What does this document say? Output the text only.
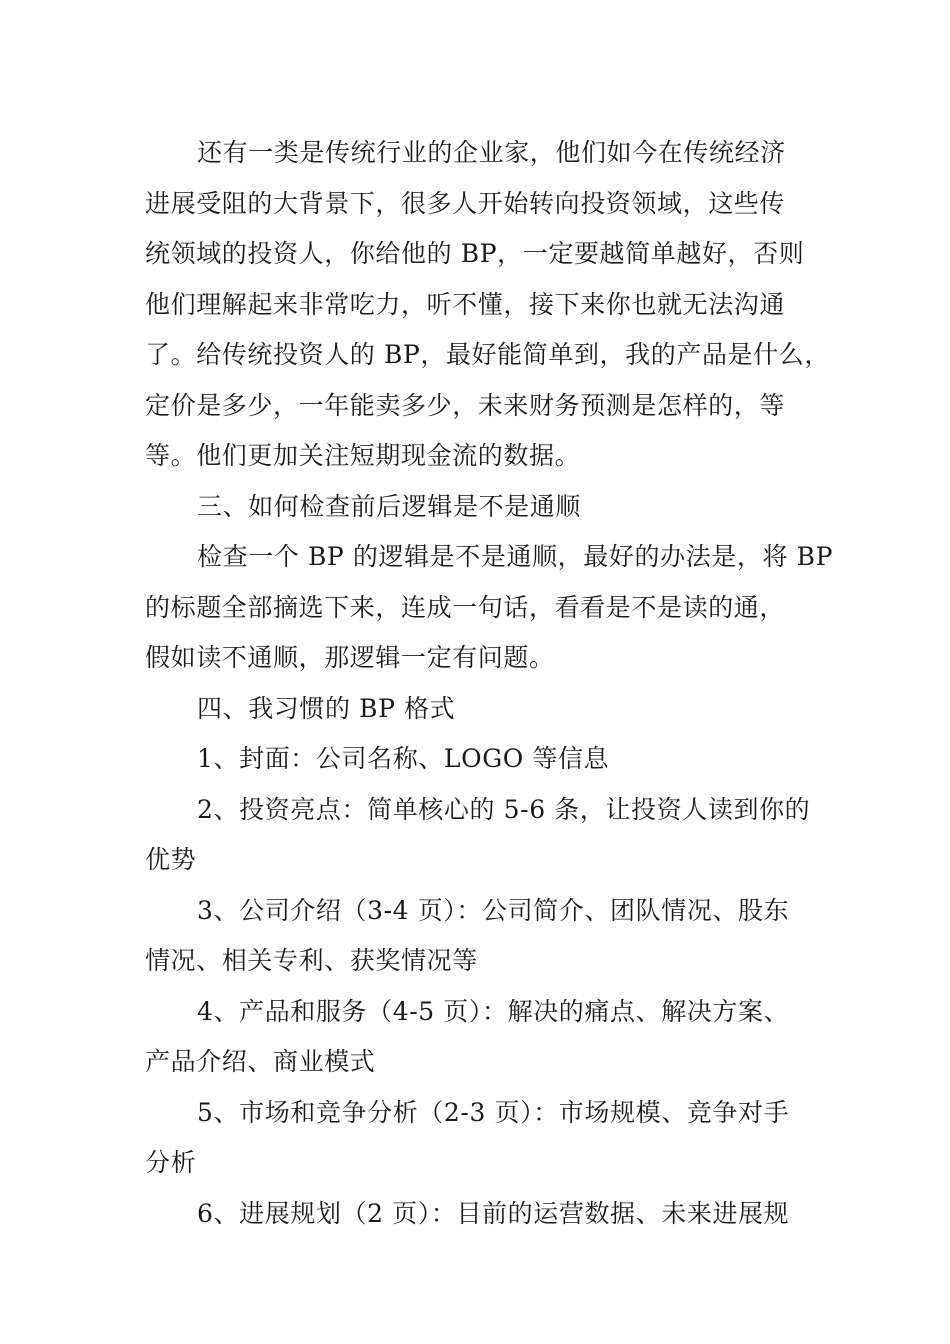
还有一类是传统行业的企业家，他们如今在传统经济
进展受阻的大背景下，很多人开始转向投资领域，这些传
统领域的投资人，你给他的 BP，一定要越简单越好，否则
他们理解起来非常吃力，听不懂，接下来你也就无法沟通
了。给传统投资人的 BP，最好能简单到，我的产品是什么，
定价是多少，一年能卖多少，未来财务预测是怎样的，等
等。他们更加关注短期现金流的数据。
三、如何检查前后逻辑是不是通顺
检查一个 BP 的逻辑是不是通顺，最好的办法是，将 BP
的标题全部摘选下来，连成一句话，看看是不是读的通，
假如读不通顺，那逻辑一定有问题。
四、我习惯的 BP 格式
1、封面：公司名称、LOGO 等信息
2、投资亮点：简单核心的 5-6 条，让投资人读到你的
优势
3、公司介绍（3-4 页）：公司简介、团队情况、股东
情况、相关专利、获奖情况等
4、产品和服务（4-5 页）：解决的痛点、解决方案、
产品介绍、商业模式
5、市场和竞争分析（2-3 页）：市场规模、竞争对手
分析
6、进展规划（2 页）：目前的运营数据、未来进展规
